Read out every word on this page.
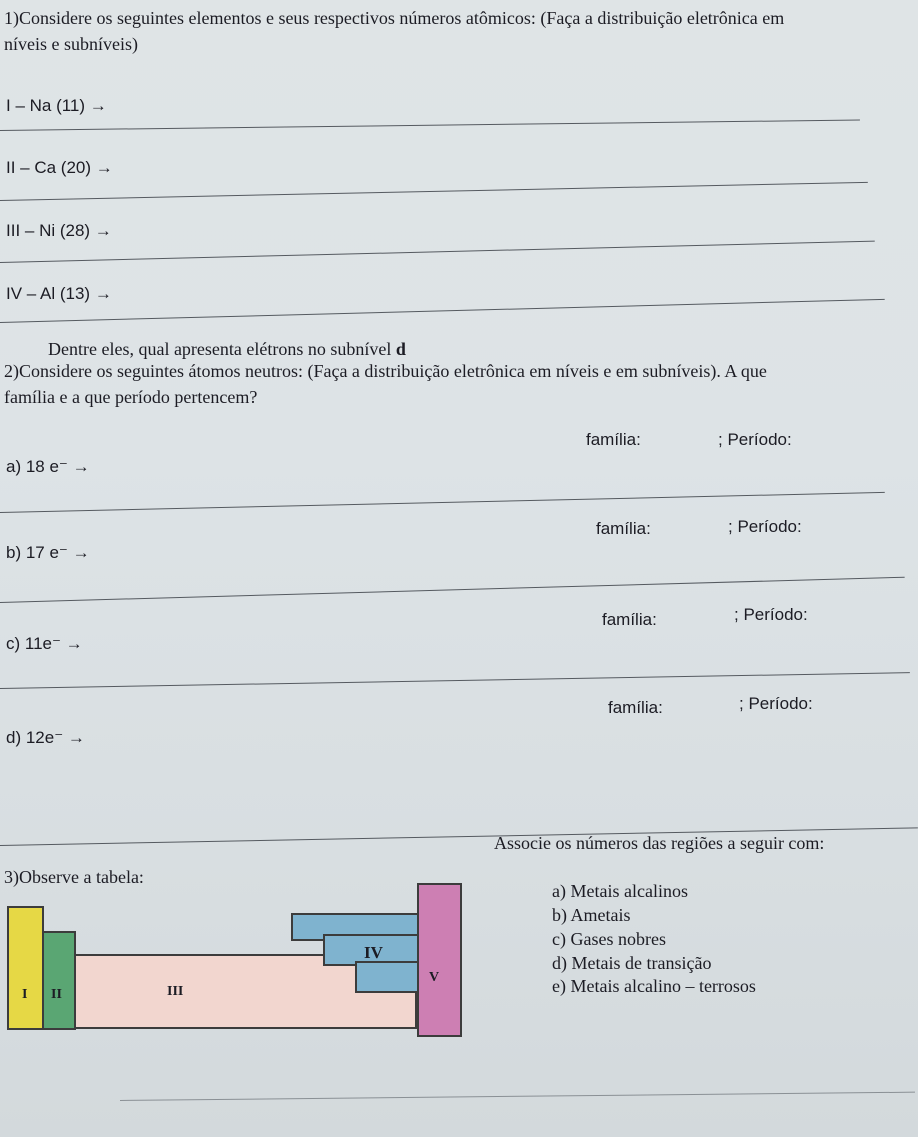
1)Considere os seguintes elementos e seus respectivos números atômicos: (Faça a distribuição eletrônica em
níveis e subníveis)
I – Na (11) →
II – Ca (20) →
III – Ni (28) →
IV – Al (13) →
Dentre eles, qual apresenta elétrons no subnível d
2)Considere os seguintes átomos neutros: (Faça a distribuição eletrônica em níveis e em subníveis). A que
família e a que período pertencem?
família:	; Período:
a) 18 e⁻ →
família:	; Período:
b) 17 e⁻ →
família:	; Período:
c) 11e⁻ →
família:	; Período:
d) 12e⁻ →
Associe os números das regiões a seguir com:
3)Observe a tabela:
I II	III
IV
V
a) Metais alcalinos
b) Ametais
c) Gases nobres
d) Metais de transição
e) Metais alcalino – terrosos
